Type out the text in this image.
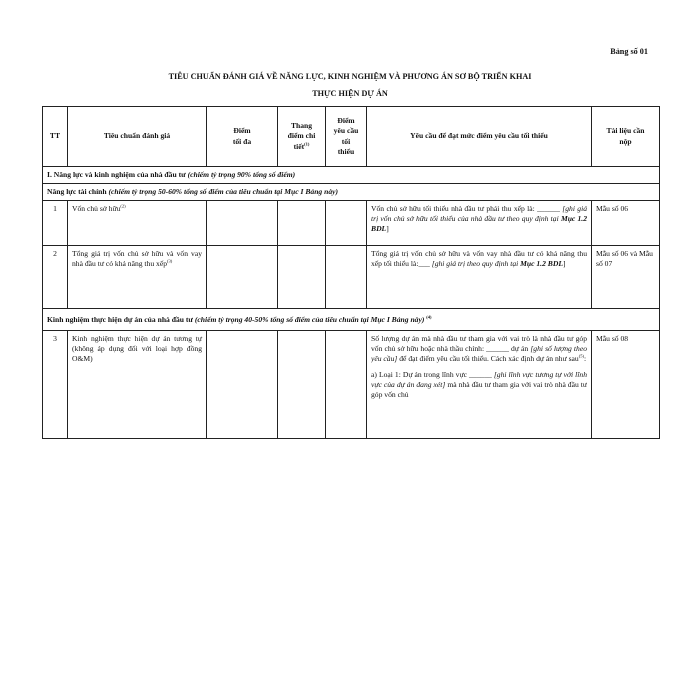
Bảng số 01
TIÊU CHUẨN ĐÁNH GIÁ VỀ NĂNG LỰC, KINH NGHIỆM VÀ PHƯƠNG ÁN SƠ BỘ TRIỂN KHAI
THỰC HIỆN DỰ ÁN
TT	Tiêu chuẩn đánh giá	Điểm
tối đa	Thang
điểm chi
tiết$^{(1)}$	Điểm
yêu cầu
tối
thiểu	Yêu cầu để đạt mức điểm yêu cầu tối thiểu	Tài liệu cần
nộp
I. Năng lực và kinh nghiệm của nhà đầu tư (chiếm tỷ trọng 90% tổng số điểm)						
Năng lực tài chính (chiếm tỷ trọng 50-60% tổng số điểm của tiêu chuẩn tại Mục I Bảng này)						
1	Vốn chủ sở hữu$^{(2)}$				Vốn chủ sở hữu tối thiểu nhà đầu tư phải thu xếp là: ______ [ghi giá trị vốn chủ sở hữu tối thiểu của nhà đầu tư theo quy định tại Mục 1.2 BDL]	Mẫu số 06
2	Tổng giá trị vốn chủ sở hữu và vốn vay nhà đầu tư có khả năng thu xếp$^{(3)}$				Tổng giá trị vốn chủ sở hữu và vốn vay nhà đầu tư có khả năng thu xếp tối thiểu là:___ [ghi giá trị theo quy định tại Mục 1.2 BDL]	Mẫu số 06 và Mẫu số 07
Kinh nghiệm thực hiện dự án của nhà đầu tư (chiếm tỷ trọng 40-50% tổng số điểm của tiêu chuẩn tại Mục I Bảng này) $^{(4)}$
3	Kinh nghiệm thực hiện dự án tương tự (không áp dụng đối với loại hợp đồng O&M)				Số lượng dự án mà nhà đầu tư tham gia với vai trò là nhà đầu tư góp vốn chủ sở hữu hoặc nhà thầu chính: ______ dự án [ghi số lượng theo yêu cầu] để đạt điểm yêu cầu tối thiểu. Cách xác định dự án như sau$^{(5)}$:
a) Loại 1: Dự án trong lĩnh vực ______ [ghi lĩnh vực tương tự với lĩnh vực của dự án đang xét] mà nhà đầu tư tham gia với vai trò nhà đầu tư góp vốn chủ	Mẫu số 08
